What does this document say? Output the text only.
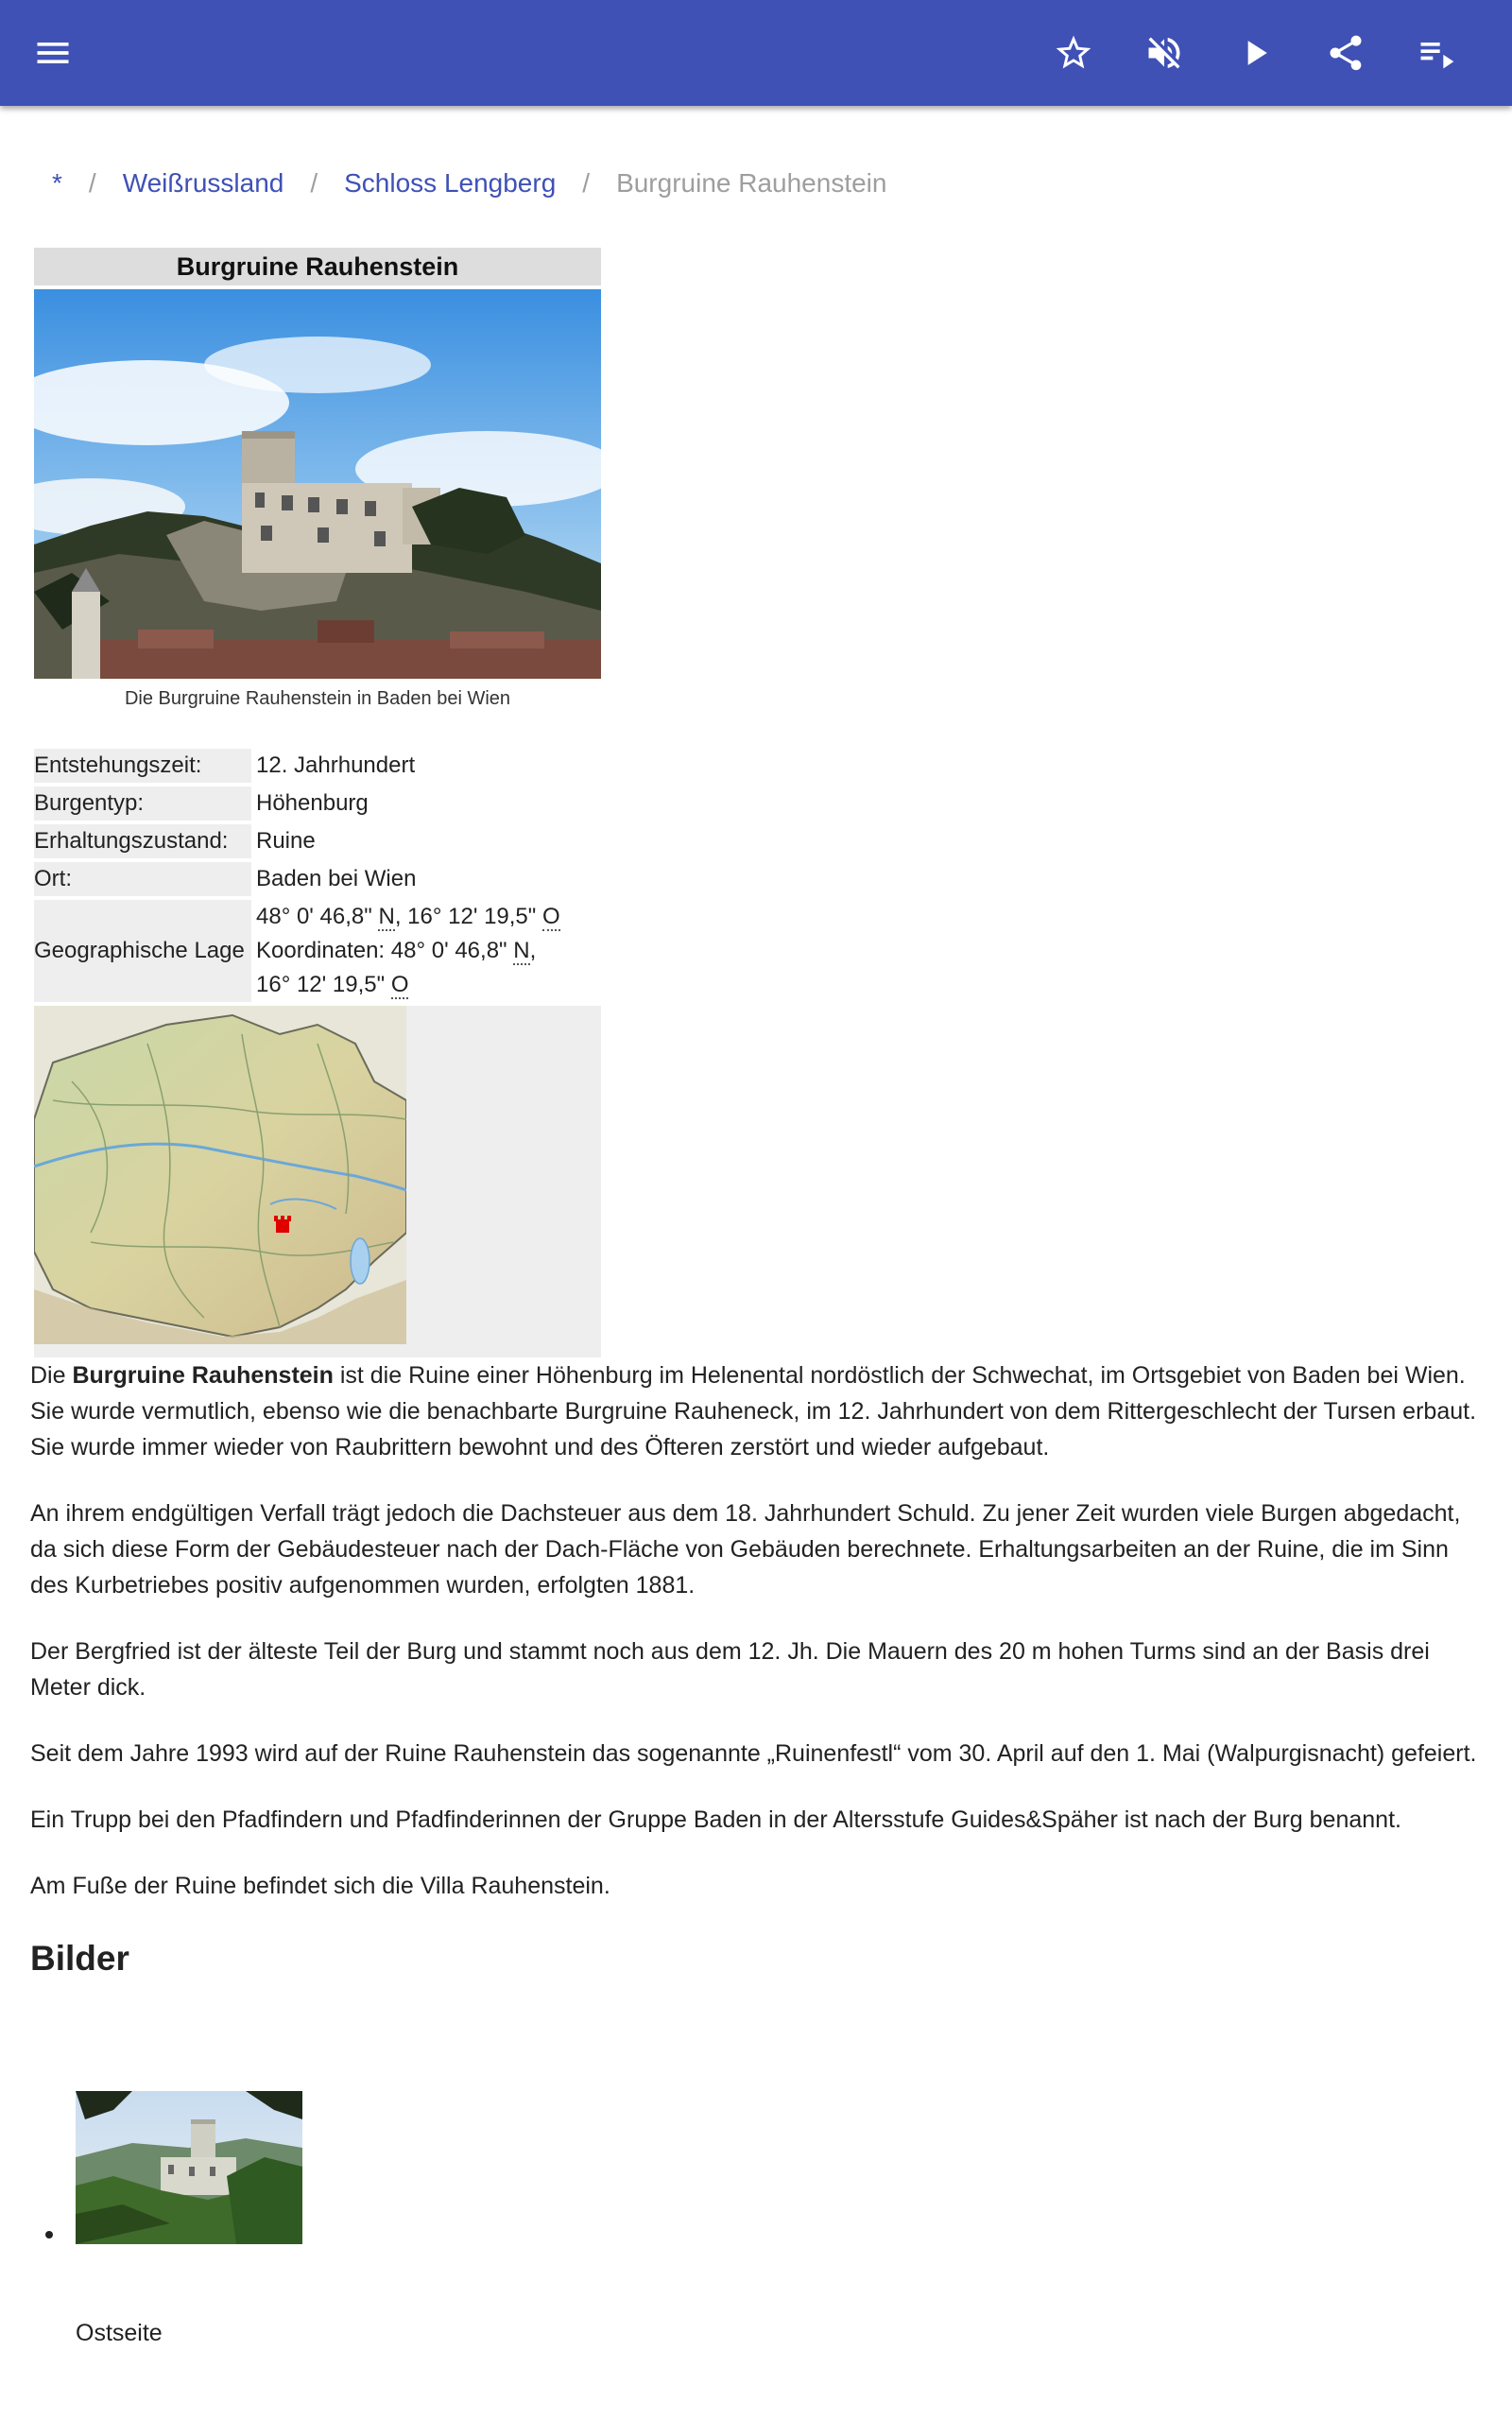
* / Weißrussland / Schloss Lengberg / Burgruine Rauhenstein
Burgruine Rauhenstein
Die Burgruine Rauhenstein in Baden bei Wien
Entstehungszeit:	12. Jahrhundert
Burgentyp:	Höhenburg
Erhaltungszustand:	Ruine
Ort:	Baden bei Wien
Geographische Lage	48° 0' 46,8" N, 16° 12' 19,5" O
Koordinaten: 48° 0' 46,8" N,
16° 12' 19,5" O

Die Burgruine Rauhenstein ist die Ruine einer Höhenburg im Helenental nordöstlich der Schwechat, im Ortsgebiet von Baden bei Wien. Sie wurde vermutlich, ebenso wie die benachbarte Burgruine Rauheneck, im 12. Jahrhundert von dem Rittergeschlecht der Tursen erbaut. Sie wurde immer wieder von Raubrittern bewohnt und des Öfteren zerstört und wieder aufgebaut.

An ihrem endgültigen Verfall trägt jedoch die Dachsteuer aus dem 18. Jahrhundert Schuld. Zu jener Zeit wurden viele Burgen abgedacht, da sich diese Form der Gebäudesteuer nach der Dach-Fläche von Gebäuden berechnete. Erhaltungsarbeiten an der Ruine, die im Sinn des Kurbetriebes positiv aufgenommen wurden, erfolgten 1881.

Der Bergfried ist der älteste Teil der Burg und stammt noch aus dem 12. Jh. Die Mauern des 20 m hohen Turms sind an der Basis drei Meter dick.

Seit dem Jahre 1993 wird auf der Ruine Rauhenstein das sogenannte „Ruinenfestl“ vom 30. April auf den 1. Mai (Walpurgisnacht) gefeiert.

Ein Trupp bei den Pfadfindern und Pfadfinderinnen der Gruppe Baden in der Altersstufe Guides&Späher ist nach der Burg benannt.

Am Fuße der Ruine befindet sich die Villa Rauhenstein.

Bilder
Ostseite
